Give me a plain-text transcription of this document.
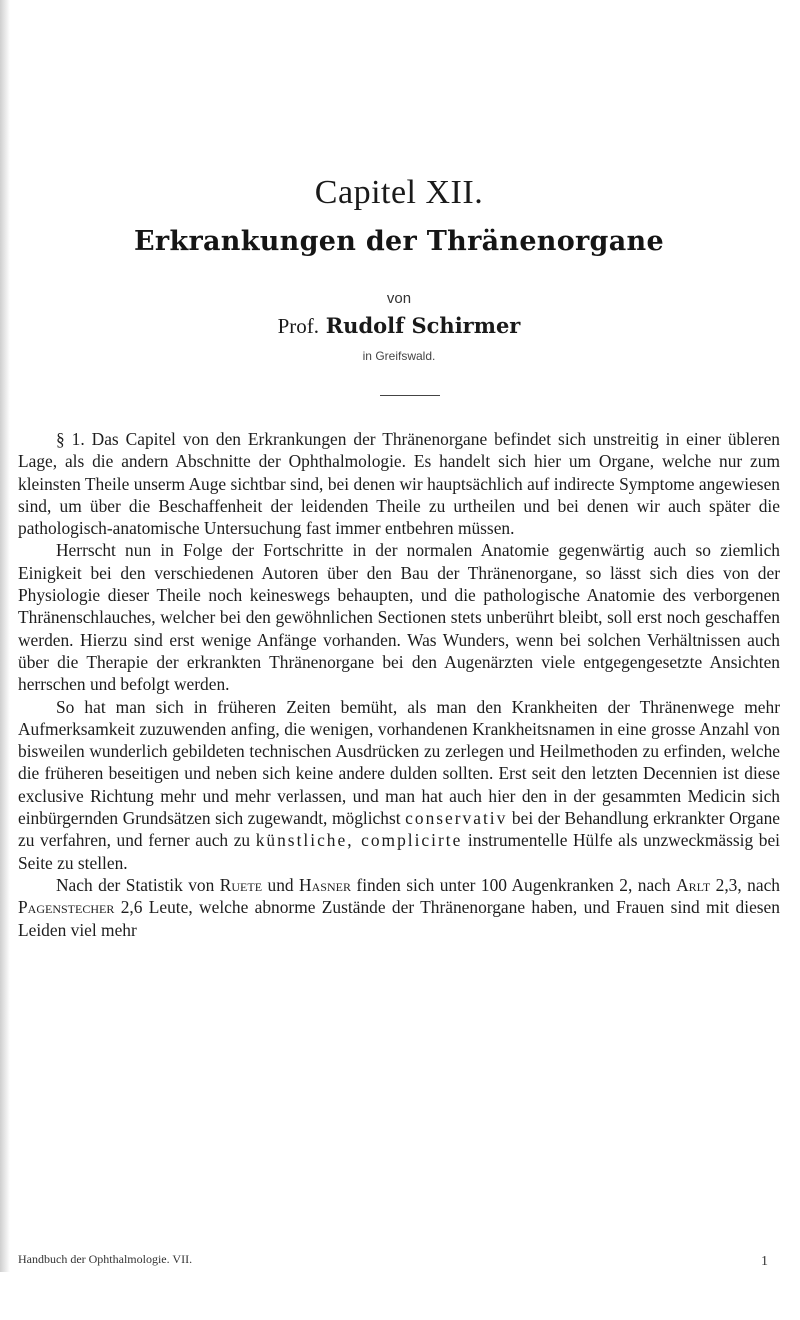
Capitel XII.
Erkrankungen der Thränenorgane
von
Prof. Rudolf Schirmer
in Greifswald.

§ 1. Das Capitel von den Erkrankungen der Thränenorgane befindet sich unstreitig in einer übleren Lage, als die andern Abschnitte der Ophthalmologie. Es handelt sich hier um Organe, welche nur zum kleinsten Theile unserm Auge sichtbar sind, bei denen wir hauptsächlich auf indirecte Symptome angewiesen sind, um über die Beschaffenheit der leidenden Theile zu urtheilen und bei denen wir auch später die pathologisch-anatomische Untersuchung fast immer entbehren müssen.

Herrscht nun in Folge der Fortschritte in der normalen Anatomie gegenwärtig auch so ziemlich Einigkeit bei den verschiedenen Autoren über den Bau der Thränenorgane, so lässt sich dies von der Physiologie dieser Theile noch keineswegs behaupten, und die pathologische Anatomie des verborgenen Thränenschlauches, welcher bei den gewöhnlichen Sectionen stets unberührt bleibt, soll erst noch geschaffen werden. Hierzu sind erst wenige Anfänge vorhanden. Was Wunders, wenn bei solchen Verhältnissen auch über die Therapie der erkrankten Thränenorgane bei den Augenärzten viele entgegengesetzte Ansichten herrschen und befolgt werden.

So hat man sich in früheren Zeiten bemüht, als man den Krankheiten der Thränenwege mehr Aufmerksamkeit zuzuwenden anfing, die wenigen, vorhandenen Krankheitsnamen in eine grosse Anzahl von bisweilen wunderlich gebildeten technischen Ausdrücken zu zerlegen und Heilmethoden zu erfinden, welche die früheren beseitigen und neben sich keine andere dulden sollten. Erst seit den letzten Decennien ist diese exclusive Richtung mehr und mehr verlassen, und man hat auch hier den in der gesammten Medicin sich einbürgernden Grundsätzen sich zugewandt, möglichst conservativ bei der Behandlung erkrankter Organe zu verfahren, und ferner auch zu künstliche, complicirte instrumentelle Hülfe als unzweckmässig bei Seite zu stellen.

Nach der Statistik von Ruete und Hasner finden sich unter 100 Augenkranken 2, nach Arlt 2,3, nach Pagenstecher 2,6 Leute, welche abnorme Zustände der Thränenorgane haben, und Frauen sind mit diesen Leiden viel mehr

Handbuch der Ophthalmologie. VII.	1
